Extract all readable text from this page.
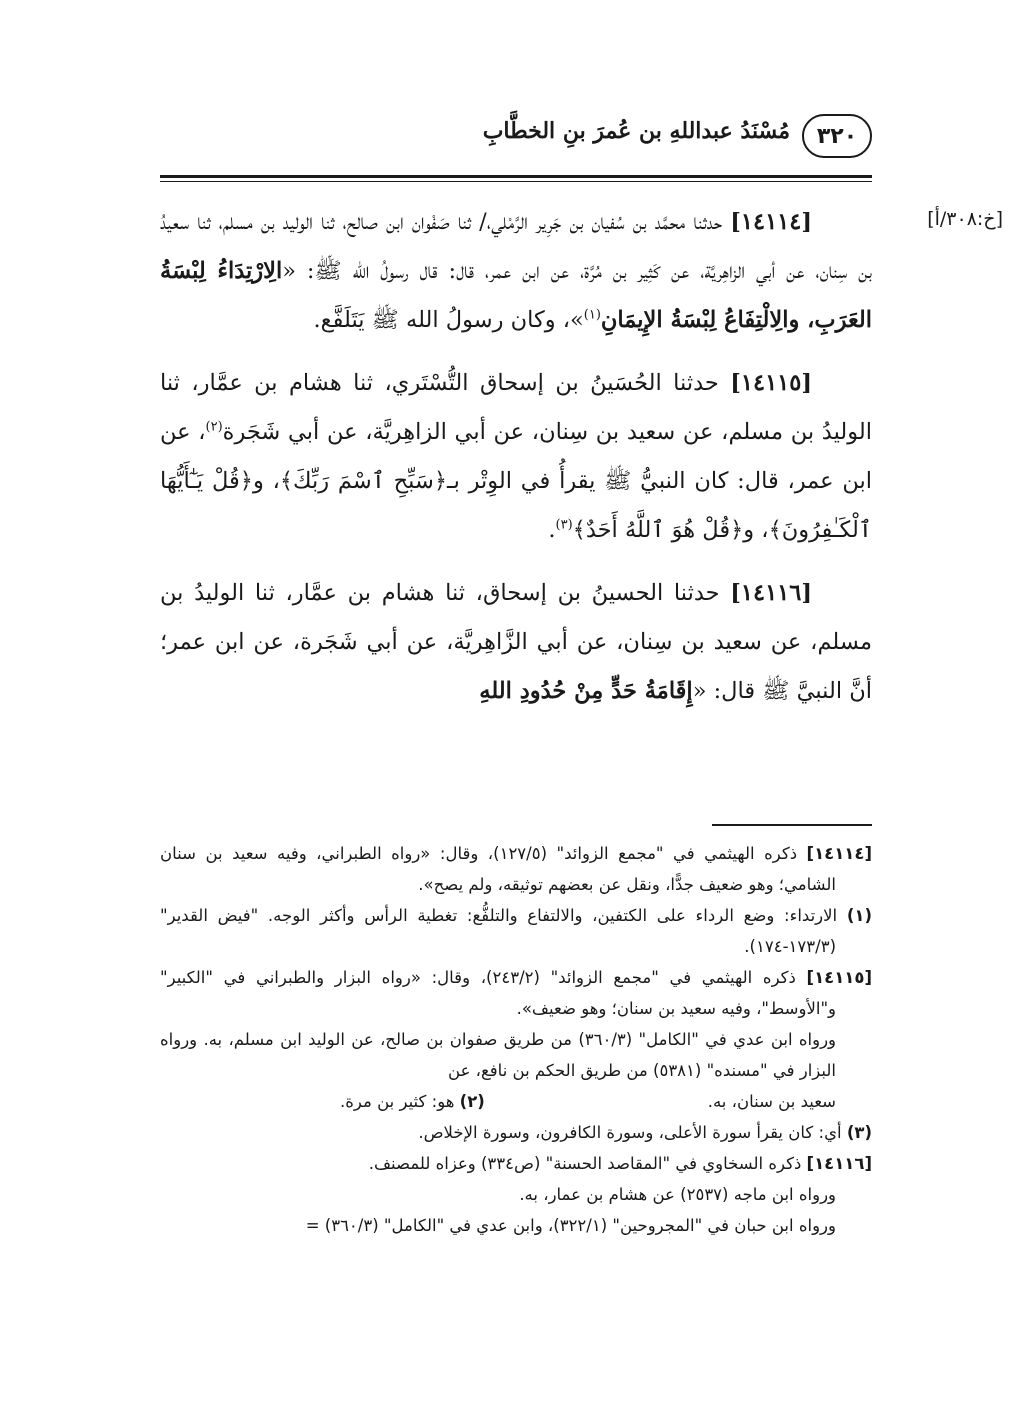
٣٢٠
مُسْنَدُ عبداللهِ بن عُمرَ بنِ الخطَّابِ
[خ:٣٠٨/أ]

[١٤١١٤] حدثنا محمَّد بن سُفيان بن جَرِير الرَّمْلي،/ ثنا صَفْوان ابن صالح، ثنا الوليد بن مسلم، ثنا سعيدُ بن سِنان، عن أبي الزاهِريَّة، عن كَثِير بن مُرَّة، عن ابن عمر، قال: قال رسولُ الله ﷺ: «الِارْتِدَاءُ لِبْسَةُ العَرَبِ، والِالْتِفَاعُ لِبْسَةُ الإِيمَانِ$^{(١)}$»، وكان رسولُ الله ﷺ يَتَلَفَّع.

[١٤١١٥] حدثنا الحُسَينُ بن إسحاق التُّسْتَري، ثنا هشام بن عمَّار، ثنا الوليدُ بن مسلم، عن سعيد بن سِنان، عن أبي الزاهِريَّة، عن أبي شَجَرة$^{(٢)}$، عن ابن عمر، قال: كان النبيُّ ﷺ يقرأُ في الوِتْر بـ﴿سَبِّحِ ٱسْمَ رَبِّكَ﴾، و﴿قُلْ يَـٰٓأَيُّهَا ٱلْكَـٰفِرُونَ﴾، و﴿قُلْ هُوَ ٱللَّهُ أَحَدٌ﴾$^{(٣)}$.

[١٤١١٦] حدثنا الحسينُ بن إسحاق، ثنا هشام بن عمَّار، ثنا الوليدُ بن مسلم، عن سعيد بن سِنان، عن أبي الزَّاهِريَّة، عن أبي شَجَرة، عن ابن عمر؛ أنَّ النبيَّ ﷺ قال: «إِقَامَةُ حَدٍّ مِنْ حُدُودِ اللهِ

[١٤١١٤] ذكره الهيثمي في "مجمع الزوائد" (١٢٧/٥)، وقال: «رواه الطبراني، وفيه سعيد بن سنان الشامي؛ وهو ضعيف جدًّا، ونقل عن بعضهم توثيقه، ولم يصح».

(١) الارتداء: وضع الرداء على الكتفين، والالتفاع والتلفُّع: تغطية الرأس وأكثر الوجه. "فيض القدير" (١٧٣/٣-١٧٤).

[١٤١١٥] ذكره الهيثمي في "مجمع الزوائد" (٢٤٣/٢)، وقال: «رواه البزار والطبراني في "الكبير" و"الأوسط"، وفيه سعيد بن سنان؛ وهو ضعيف».

ورواه ابن عدي في "الكامل" (٣٦٠/٣) من طريق صفوان بن صالح، عن الوليد ابن مسلم، به. ورواه البزار في "مسنده" (٥٣٨١) من طريق الحكم بن نافع، عن

سعيد بن سنان، به.
(٢) هو: كثير بن مرة.

(٣) أي: كان يقرأ سورة الأعلى، وسورة الكافرون، وسورة الإخلاص.

[١٤١١٦] ذكره السخاوي في "المقاصد الحسنة" (ص٣٣٤) وعزاه للمصنف.

ورواه ابن ماجه (٢٥٣٧) عن هشام بن عمار، به.

ورواه ابن حبان في "المجروحين" (٣٢٢/١)، وابن عدي في "الكامل" (٣٦٠/٣) =
